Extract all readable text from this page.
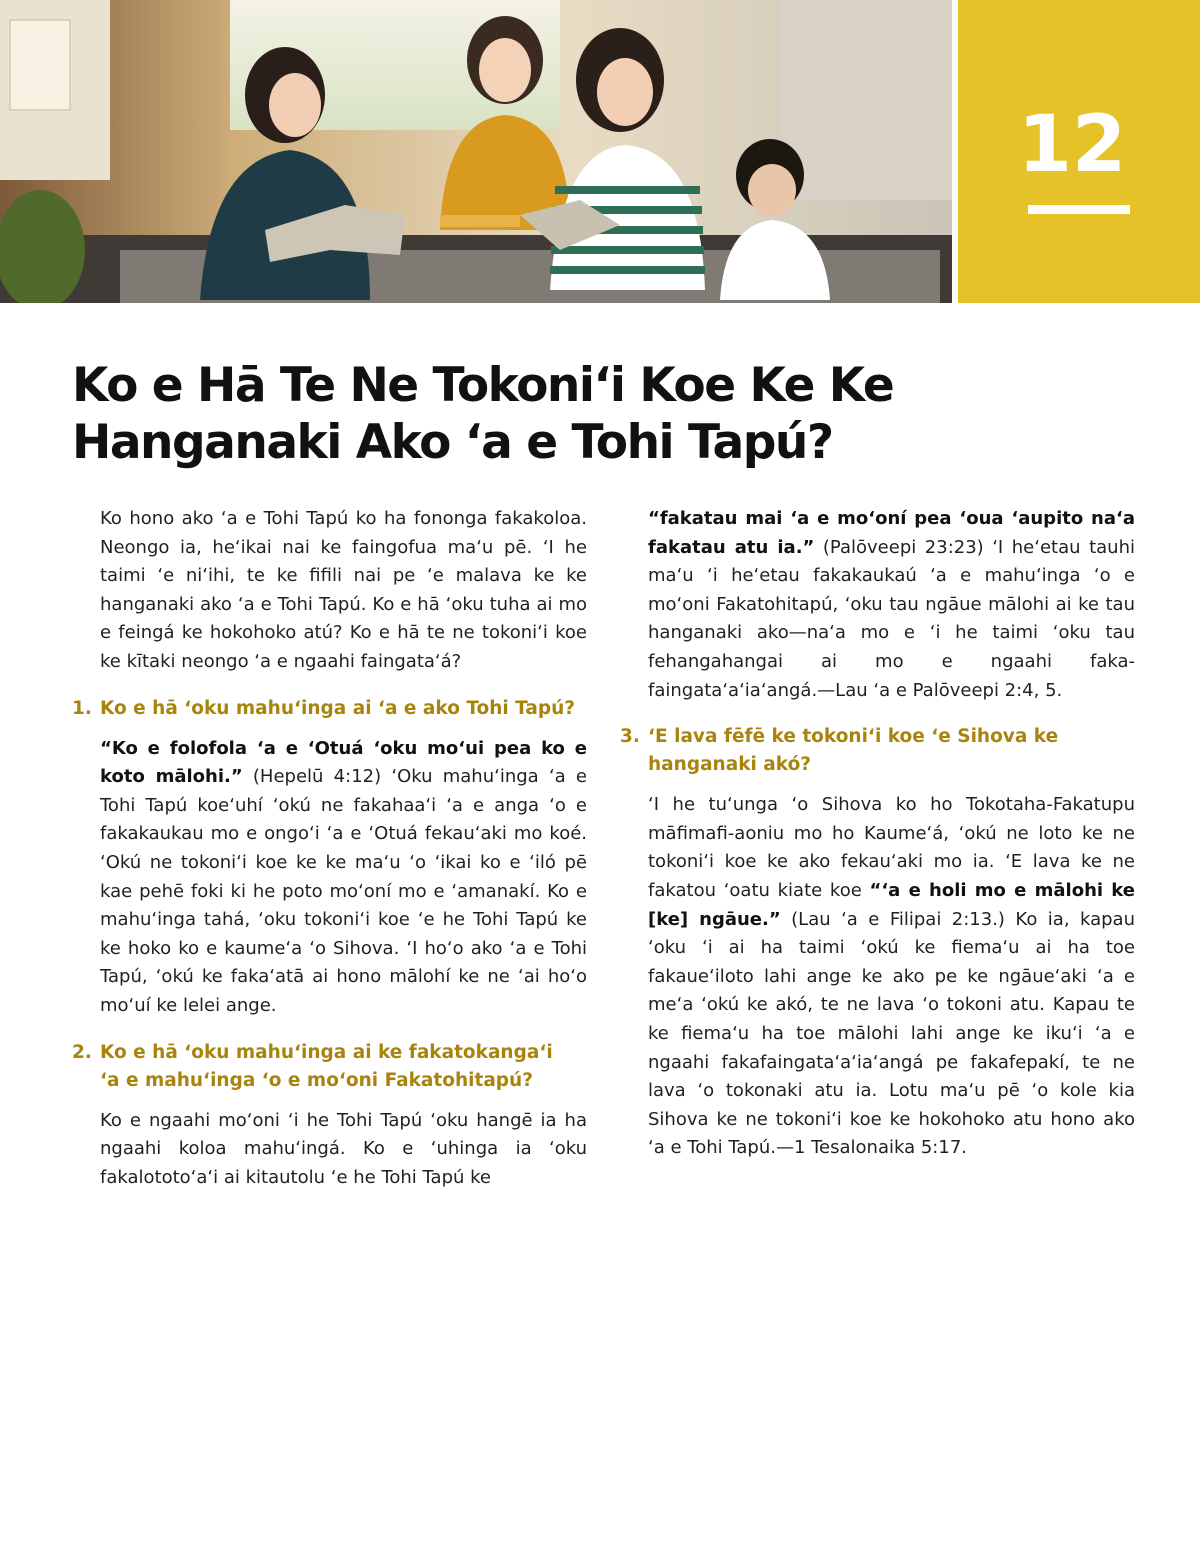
12
Ko e Hā Te Ne Tokoni‘i Koe Ke Ke
Hanganaki Ako ‘a e Tohi Tapú?

Ko hono ako ‘a e Tohi Tapú ko ha fononga fakakoloa. Neongo ia, he‘ikai nai ke faingofua ma‘u pē. ‘I he taimi ‘e ni‘ihi, te ke fifili nai pe ‘e malava ke ke hanganaki ako ‘a e Tohi Tapú. Ko e hā ‘oku tuha ai mo e feingá ke hokohoko atú? Ko e hā te ne tokoni‘i koe ke kītaki neongo ‘a e ngaahi faingata‘á?

1. Ko e hā ‘oku mahu‘inga ai ‘a e ako Tohi Tapú?

“Ko e folofola ‘a e ‘Otuá ‘oku mo‘ui pea ko e koto mālohi.” (Hepelū 4:12) ‘Oku mahu‘inga ‘a e Tohi Tapú koe‘uhí ‘okú ne fakahaa‘i ‘a e anga ‘o e fakakaukau mo e ongo‘i ‘a e ‘Otuá fekau‘aki mo koé. ‘Okú ne tokoni‘i koe ke ke ma‘u ‘o ‘ikai ko e ‘iló pē kae pehē foki ki he poto mo‘oní mo e ‘amanakí. Ko e mahu‘inga tahá, ‘oku tokoni‘i koe ‘e he Tohi Tapú ke ke hoko ko e kaume‘a ‘o Sihova. ‘I ho‘o ako ‘a e Tohi Tapú, ‘okú ke faka‘atā ai hono mālohí ke ne ‘ai ho‘o mo‘uí ke lelei ange.

2. Ko e hā ‘oku mahu‘inga ai ke fakatokanga‘i
‘a e mahu‘inga ‘o e mo‘oni Fakatohitapú?

Ko e ngaahi mo‘oni ‘i he Tohi Tapú ‘oku hangē ia ha ngaahi koloa mahu‘ingá. Ko e ‘uhinga ia ‘oku fakalototo‘a‘i ai kitautolu ‘e he Tohi Tapú ke

“fakatau mai ‘a e mo‘oní pea ‘oua ‘aupito na‘a fakatau atu ia.” (Palōveepi 23:23) ‘I he‘etau tauhi ma‘u ‘i he‘etau fakakaukaú ‘a e mahu‘inga ‘o e mo‘oni Fakatohitapú, ‘oku tau ngāue mālohi ai ke tau hanganaki ako—na‘a mo e ‘i he taimi ‘oku tau fehangahangai ai mo e ngaahi fakafaingata‘a‘ia‘angá.—Lau ‘a e Palōveepi 2:4, 5.

3. ‘E lava fēfē ke tokoni‘i koe ‘e Sihova ke hanganaki akó?

‘I he tu‘unga ‘o Sihova ko ho Tokotaha-Fakatupu māfimafi-aoniu mo ho Kaume‘á, ‘okú ne loto ke ne tokoni‘i koe ke ako fekau‘aki mo ia. ‘E lava ke ne fakatou ‘oatu kiate koe “‘a e holi mo e mālohi ke [ke] ngāue.” (Lau ‘a e Filipai 2:13.) Ko ia, kapau ‘oku ‘i ai ha taimi ‘okú ke fiema‘u ai ha toe fakaue‘iloto lahi ange ke ako pe ke ngāue‘aki ‘a e me‘a ‘okú ke akó, te ne lava ‘o tokoni atu. Kapau te ke fiema‘u ha toe mālohi lahi ange ke iku‘i ‘a e ngaahi fakafaingata‘a‘ia‘angá pe fakafepakí, te ne lava ‘o tokonaki atu ia. Lotu ma‘u pē ‘o kole kia Sihova ke ne tokoni‘i koe ke hokohoko atu hono ako ‘a e Tohi Tapú.—1 Tesalonaika 5:17.
